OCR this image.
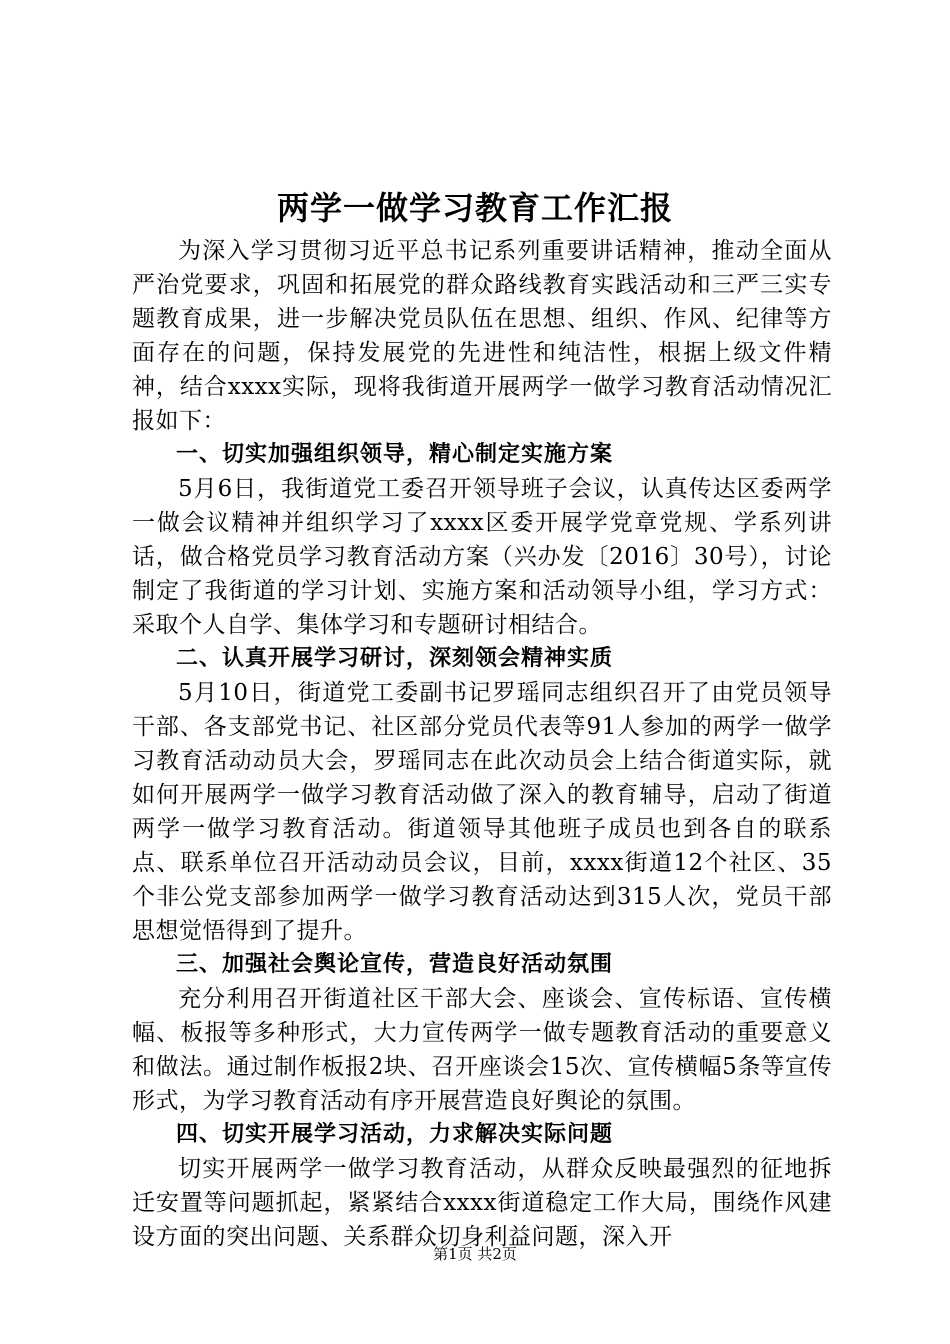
两学一做学习教育工作汇报

为深入学习贯彻习近平总书记系列重要讲话精神，推动全面从严治党要求，巩固和拓展党的群众路线教育实践活动和三严三实专题教育成果，进一步解决党员队伍在思想、组织、作风、纪律等方面存在的问题，保持发展党的先进性和纯洁性，根据上级文件精神，结合xxxx实际，现将我街道开展两学一做学习教育活动情况汇报如下：

一、切实加强组织领导，精心制定实施方案

5月6日，我街道党工委召开领导班子会议，认真传达区委两学一做会议精神并组织学习了xxxx区委开展学党章党规、学系列讲话，做合格党员学习教育活动方案（兴办发〔2016〕30号），讨论制定了我街道的学习计划、实施方案和活动领导小组，学习方式：采取个人自学、集体学习和专题研讨相结合。

二、认真开展学习研讨，深刻领会精神实质

5月10日，街道党工委副书记罗瑶同志组织召开了由党员领导干部、各支部党书记、社区部分党员代表等91人参加的两学一做学习教育活动动员大会，罗瑶同志在此次动员会上结合街道实际，就如何开展两学一做学习教育活动做了深入的教育辅导，启动了街道两学一做学习教育活动。街道领导其他班子成员也到各自的联系点、联系单位召开活动动员会议，目前，xxxx街道12个社区、35个非公党支部参加两学一做学习教育活动达到315人次，党员干部思想觉悟得到了提升。

三、加强社会舆论宣传，营造良好活动氛围

充分利用召开街道社区干部大会、座谈会、宣传标语、宣传横幅、板报等多种形式，大力宣传两学一做专题教育活动的重要意义和做法。通过制作板报2块、召开座谈会15次、宣传横幅5条等宣传形式，为学习教育活动有序开展营造良好舆论的氛围。

四、切实开展学习活动，力求解决实际问题

切实开展两学一做学习教育活动，从群众反映最强烈的征地拆迁安置等问题抓起，紧紧结合xxxx街道稳定工作大局，围绕作风建设方面的突出问题、关系群众切身利益问题，深入开

第1页 共2页
